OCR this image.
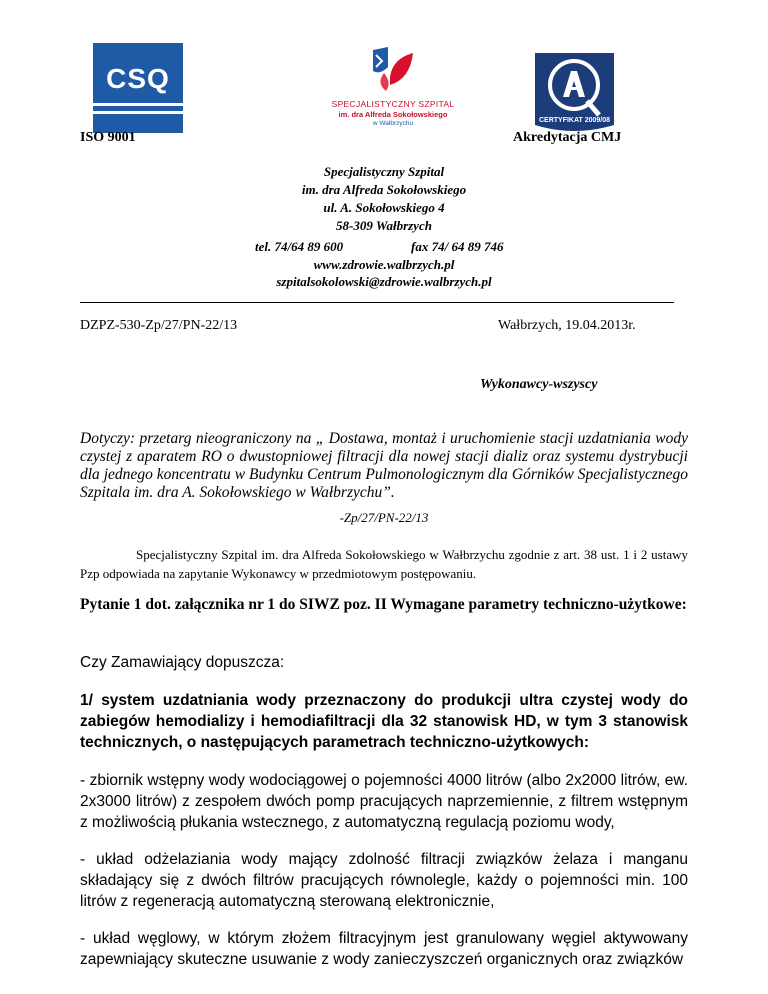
CSQ
SPECJALISTYCZNY SZPITAL
im. dra Alfreda Sokołowskiego
w Wałbrzychu	CERTYFIKAT 2009/08
ISO 9001	Akredytacja CMJ
Specjalistyczny Szpital
im. dra Alfreda Sokołowskiego
ul. A. Sokołowskiego 4
58-309 Wałbrzych
tel. 74/64 89 600	fax 74/ 64 89 746
www.zdrowie.walbrzych.pl
szpitalsokolowski@zdrowie.walbrzych.pl
DZPZ-530-Zp/27/PN-22/13	Wałbrzych, 19.04.2013r.
Wykonawcy-wszyscy
Dotyczy: przetarg nieograniczony na „ Dostawa, montaż i uruchomienie stacji uzdatniania wody czystej z aparatem RO o dwustopniowej filtracji dla nowej stacji dializ oraz systemu dystrybucji dla jednego koncentratu w Budynku Centrum Pulmonologicznym dla Górników Specjalistycznego Szpitala im. dra A. Sokołowskiego w Wałbrzychu”.
-Zp/27/PN-22/13
Specjalistyczny Szpital im. dra Alfreda Sokołowskiego w Wałbrzychu zgodnie z art. 38 ust. 1 i 2 ustawy Pzp odpowiada na zapytanie Wykonawcy w przedmiotowym postępowaniu.
Pytanie 1 dot. załącznika nr 1 do SIWZ poz. II Wymagane parametry techniczno-użytkowe:
Czy Zamawiający dopuszcza:
1/ system uzdatniania wody przeznaczony do produkcji ultra czystej wody do zabiegów hemodializy i hemodiafiltracji dla 32 stanowisk HD, w tym 3 stanowisk technicznych, o następujących parametrach techniczno-użytkowych:
- zbiornik wstępny wody wodociągowej o pojemności 4000 litrów (albo 2x2000 litrów, ew. 2x3000 litrów) z zespołem dwóch pomp pracujących naprzemiennie, z filtrem wstępnym z możliwością płukania wstecznego, z automatyczną regulacją poziomu wody,
- układ odżelaziania wody mający zdolność filtracji związków żelaza i manganu składający się z dwóch filtrów pracujących równolegle, każdy o pojemności min. 100 litrów z regeneracją automatyczną sterowaną elektronicznie,
- układ węglowy, w którym złożem filtracyjnym jest granulowany węgiel aktywowany zapewniający skuteczne usuwanie z wody zanieczyszczeń organicznych oraz związków
